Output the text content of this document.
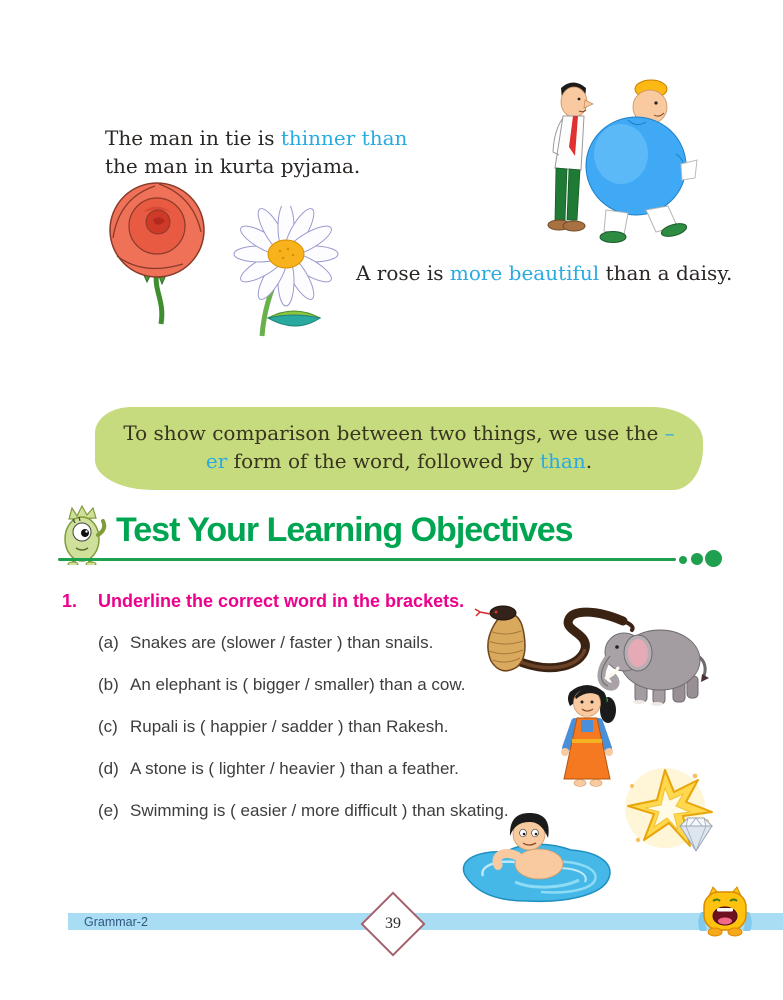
The man in tie is thinner than the man in kurta pyjama.

A rose is more beautiful than a daisy.

To show comparison between two things, we use the –er form of the word, followed by than.
Test Your Learning Objectives
1. Underline the correct word in the brackets.
(a) Snakes are (slower / faster ) than snails.
(b) An elephant is ( bigger / smaller) than a cow.
(c) Rupali is ( happier / sadder ) than Rakesh.
(d) A stone is ( lighter / heavier ) than a feather.
(e) Swimming is ( easier / more difficult ) than skating.
Grammar-2	39
